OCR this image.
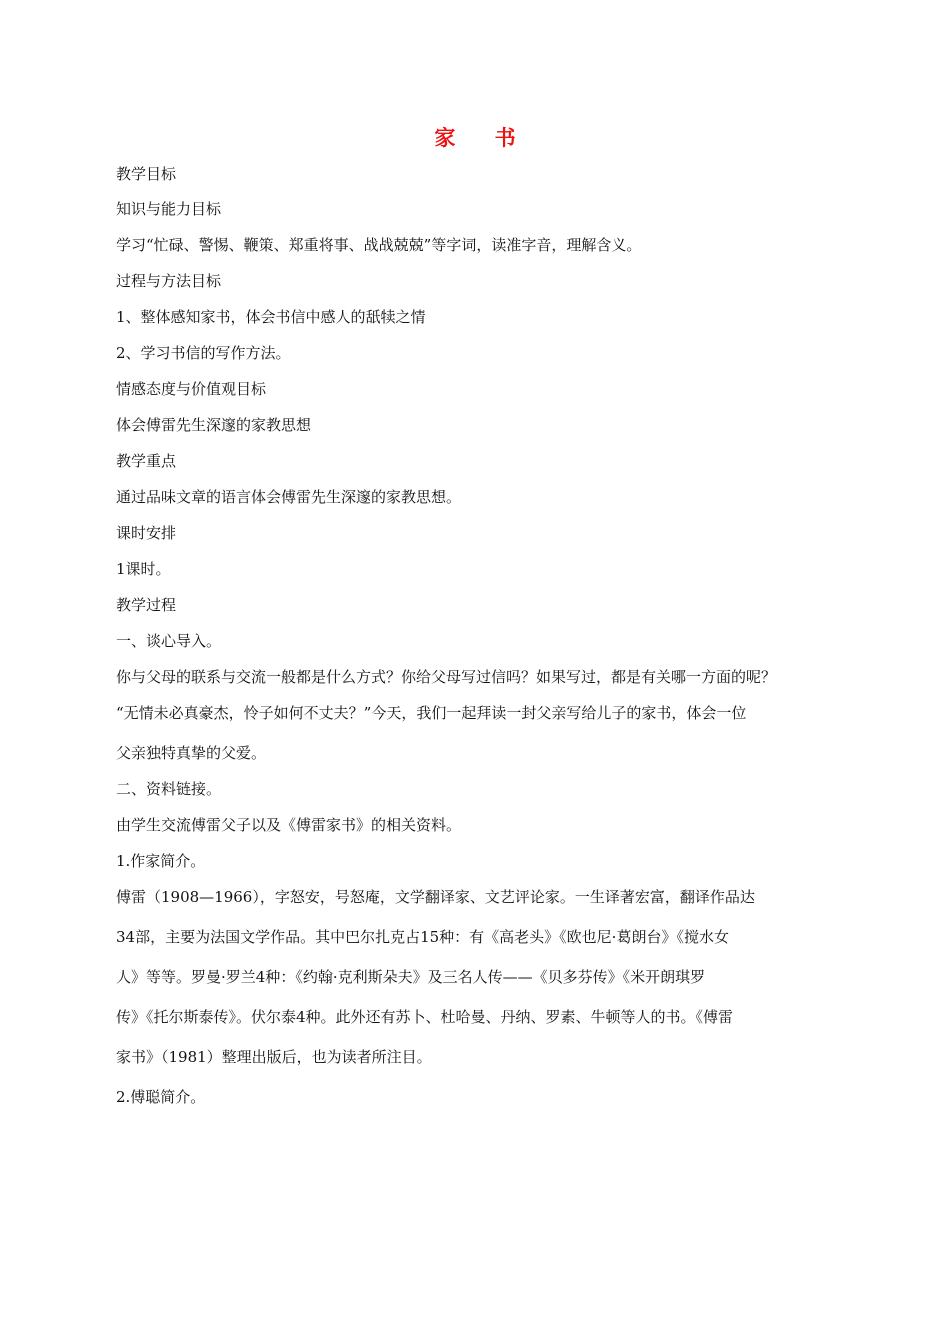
家 书
教学目标
知识与能力目标
学习“忙碌、警惕、鞭策、郑重将事、战战兢兢”等字词，读准字音，理解含义。
过程与方法目标
1、整体感知家书，体会书信中感人的舐犊之情
2、学习书信的写作方法。
情感态度与价值观目标
体会傅雷先生深邃的家教思想
教学重点
通过品味文章的语言体会傅雷先生深邃的家教思想。
课时安排
1课时。
教学过程
一、谈心导入。
你与父母的联系与交流一般都是什么方式？你给父母写过信吗？如果写过，都是有关哪一方面的呢？
“无情未必真豪杰，怜子如何不丈夫？”今天，我们一起拜读一封父亲写给儿子的家书，体会一位
父亲独特真挚的父爱。
二、资料链接。
由学生交流傅雷父子以及《傅雷家书》的相关资料。
1.作家简介。
傅雷（1908—1966），字怒安，号怒庵，文学翻译家、文艺评论家。一生译著宏富，翻译作品达
34部，主要为法国文学作品。其中巴尔扎克占15种：有《高老头》《欧也尼·葛朗台》《搅水女
人》等等。罗曼·罗兰4种：《约翰·克利斯朵夫》及三名人传——《贝多芬传》《米开朗琪罗
传》《托尔斯泰传》。伏尔泰4种。此外还有苏卜、杜哈曼、丹纳、罗素、牛顿等人的书。《傅雷
家书》（1981）整理出版后，也为读者所注目。
2.傅聪简介。
